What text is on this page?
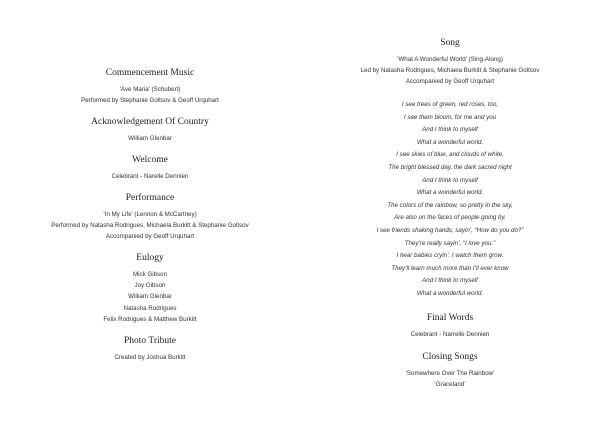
Commencement Music
‘Ave Maria’ (Schubert)
Performed by Stephanie Goltsov & Geoff Urquhart
Acknowledgement Of Country
William Glenbar
Welcome
Celebrant - Narelle Dennien
Performance
‘In My Life’ (Lennon & McCartney)
Performed by Natasha Rodrigues, Michaela Burkitt & Stephanie Goltsov
Accompanied by Geoff Urquhart
Eulogy
Mick Gibson
Joy Gibson
William Glenbar
Natasha Rodrigues
Felix Rodrigues & Matthew Burkitt
Photo Tribute
Created by Joshua Burkitt
Song
‘What A Wonderful World’ (Sing-Along)
Led by Natasha Rodrigues, Michaela Burkitt & Stephanie Goltsov
Accompanied by Geoff Urquhart
I see trees of green, red roses, too,
I see them bloom, for me and you
And I think to myself
What a wonderful world.
I see skies of blue, and clouds of white,
The bright blessed day, the dark sacred night
And I think to myself
What a wonderful world.
The colors of the rainbow, so pretty in the sky,
Are also on the faces of people going by.
I see friends shaking hands, sayin’, “How do you do?”
They’re really sayin’, “I love you.”
I hear babies cryin’. I watch them grow.
They’ll learn much more than I’ll ever know
And I think to myself
What a wonderful world.
Final Words
Celebrant - Narrelle Dennien
Closing Songs
‘Somewhere Over The Rainbow’
‘Graceland’
